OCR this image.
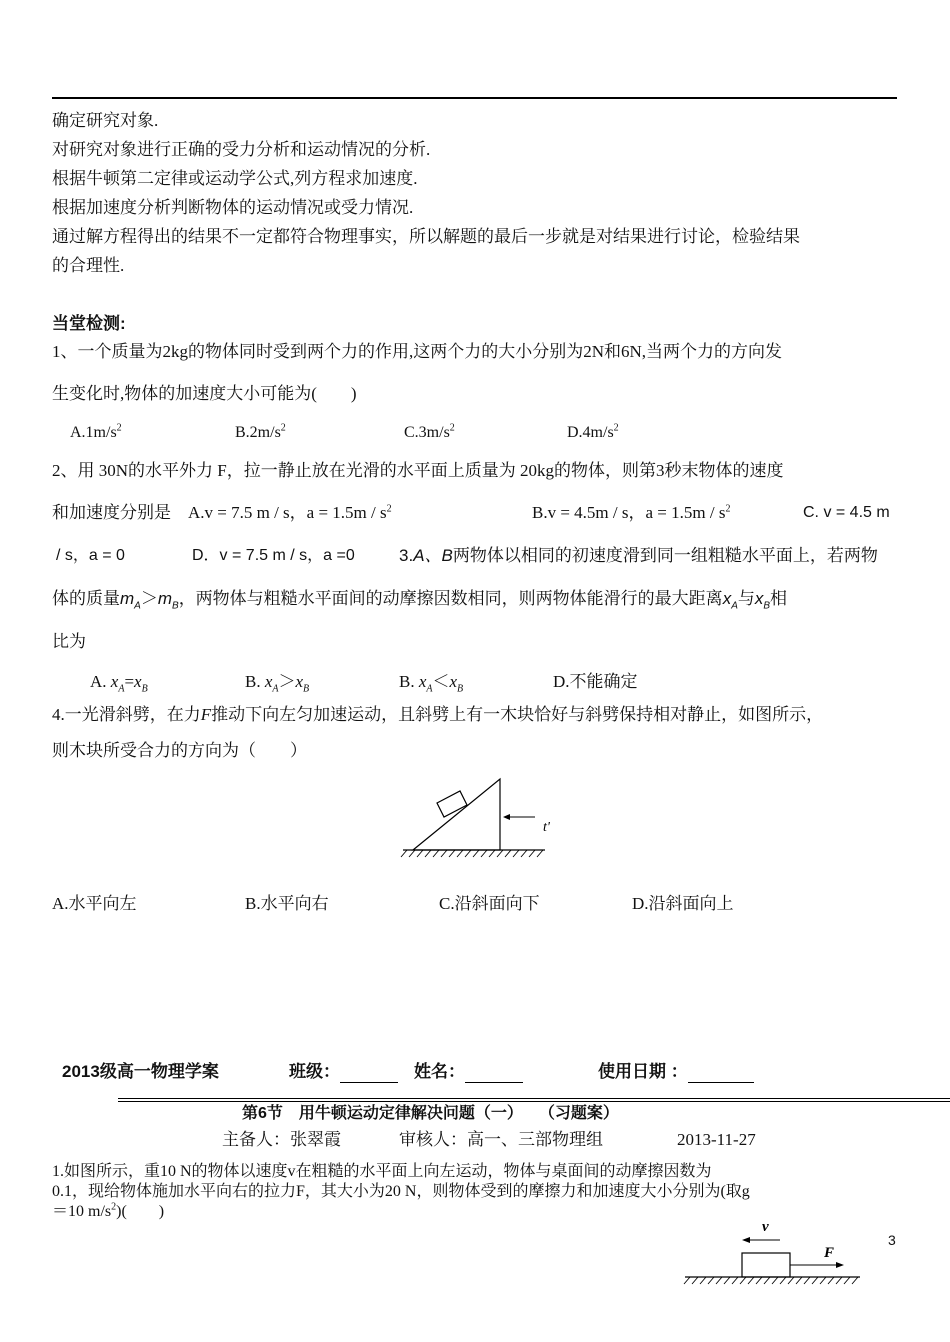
确定研究对象.
对研究对象进行正确的受力分析和运动情况的分析.
根据牛顿第二定律或运动学公式,列方程求加速度.
根据加速度分析判断物体的运动情况或受力情况.
通过解方程得出的结果不一定都符合物理事实，所以解题的最后一步就是对结果进行讨论，检验结果
的合理性.
当堂检测:
1、一个质量为2kg的物体同时受到两个力的作用,这两个力的大小分别为2N和6N,当两个力的方向发
生变化时,物体的加速度大小可能为(　　)
$A.1m/s^2$	$B.2m/s^2$	$C.3m/s^2$	$D.4m/s^2$
2、用 30N的水平外力 F，拉一静止放在光滑的水平面上质量为 20kg的物体，则第3秒末物体的速度
和加速度分别是　A.v = 7.5 m / s，$a = 1.5m / s^2$	B.v = 4.5m / s，$a = 1.5m / s^2$	C. v = 4.5 m
/ s，a = 0	D．v = 7.5 m / s，a =0	3.A、B两物体以相同的初速度滑到同一组粗糙水平面上，若两物
体的质量$m_A>m_B$，两物体与粗糙水平面间的动摩擦因数相同，则两物体能滑行的最大距离$x_A$与$x_B$相
比为
A. $x_A=x_B$	B. $x_A>x_B$	B. $x_A<x_B$	D.不能确定
4.一光滑斜劈，在力F推动下向左匀加速运动，且斜劈上有一木块恰好与斜劈保持相对静止，如图所示，
则木块所受合力的方向为（　　）
t'
A.水平向左	B.水平向右	C.沿斜面向下	D.沿斜面向上
2013级高一物理学案	班级：	姓名：	使用日期 ：
第6节　用牛顿运动定律解决问题（一）　　（习题案）
主备人：张翠霞	审核人：高一、三部物理组	2013-11-27
1.如图所示，重10 N的物体以速度v在粗糙的水平面上向左运动，物体与桌面间的动摩擦因数为
0.1，现给物体施加水平向右的拉力F，其大小为20 N，则物体受到的摩擦力和加速度大小分别为(取g
＝10 $m/s^2$)(　　)
v
F
3
